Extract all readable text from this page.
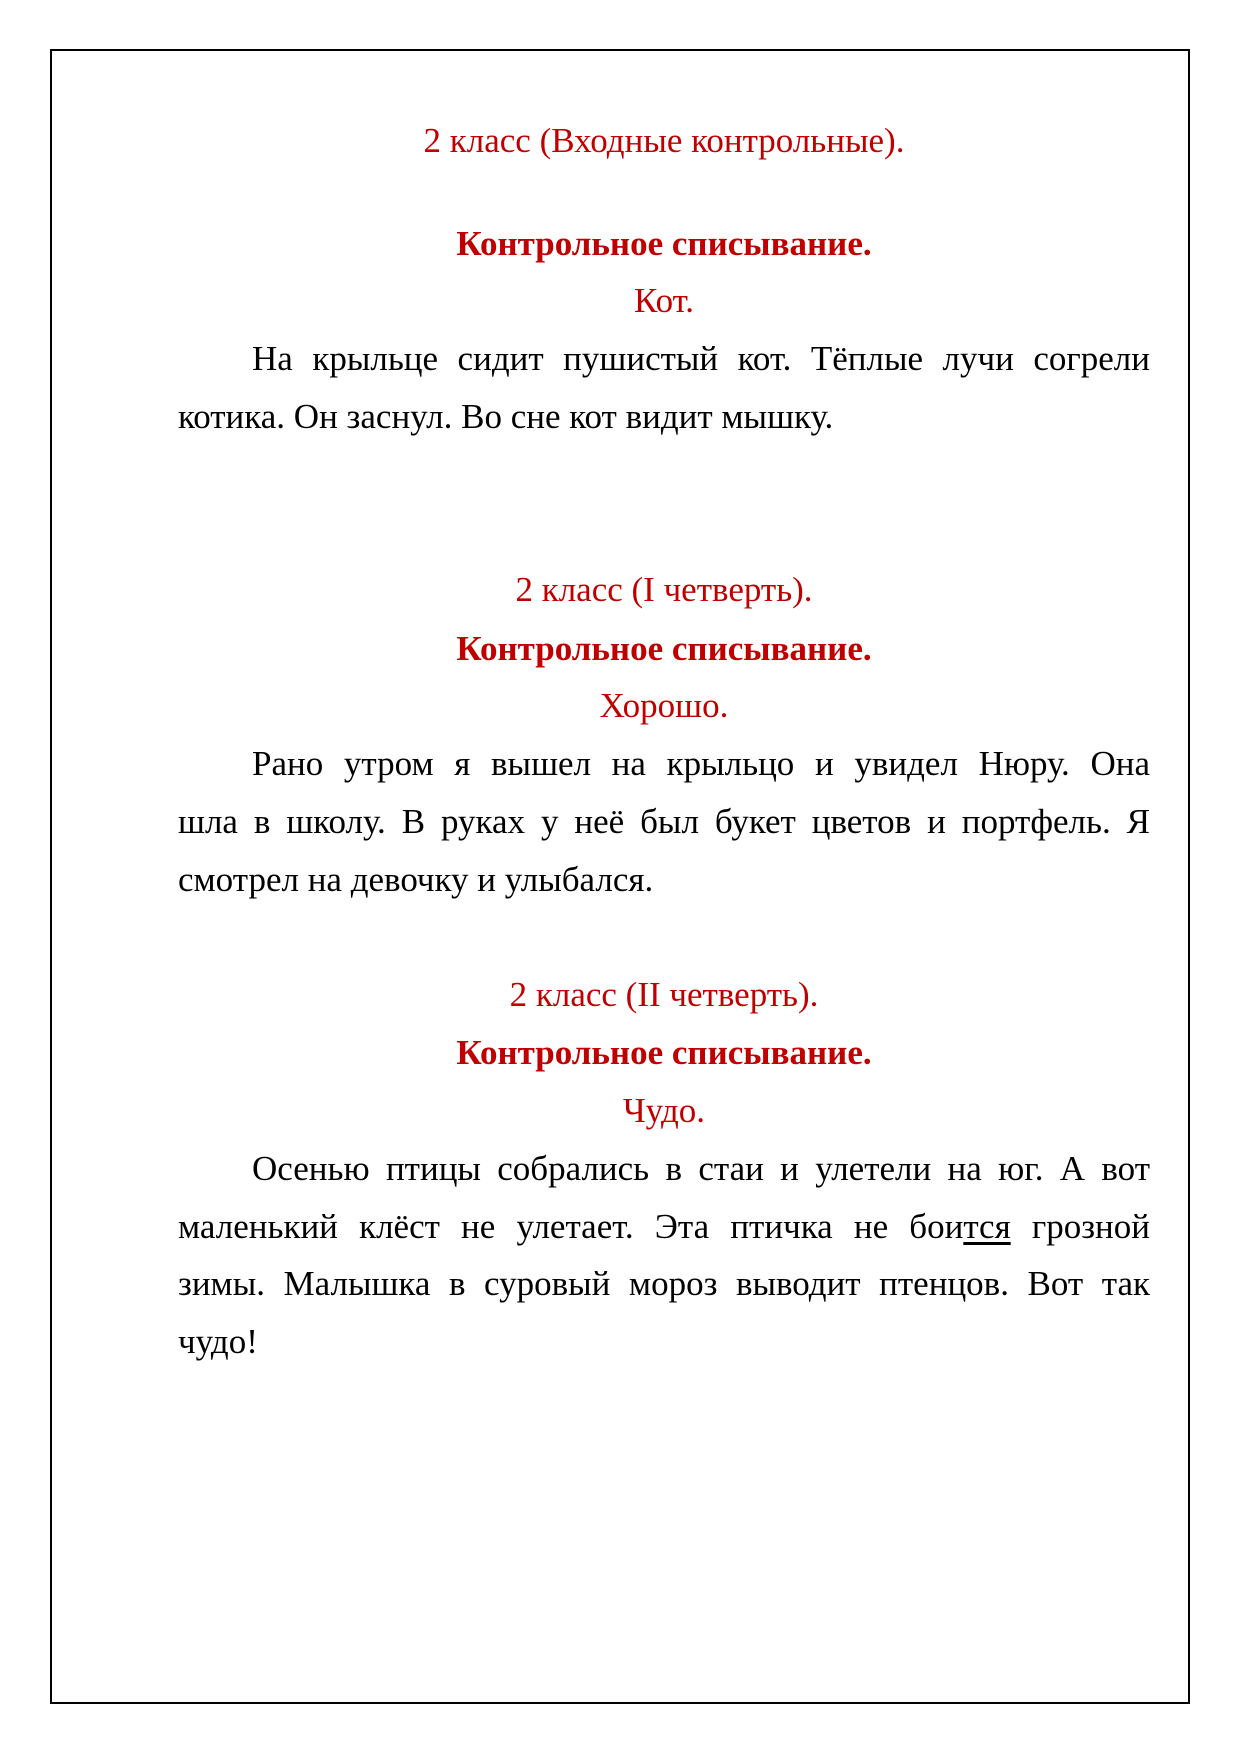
2 класс (Входные контрольные).
Контрольное списывание.
Кот.
На крыльце сидит пушистый кот. Тёплые лучи согрели
котика. Он заснул. Во сне кот видит мышку.
2 класс (I четверть).
Контрольное списывание.
Хорошо.
Рано утром я вышел на крыльцо и увидел Нюру. Она
шла в школу. В руках у неё был букет цветов и портфель. Я
смотрел на девочку и улыбался.
2 класс (II четверть).
Контрольное списывание.
Чудо.
Осенью птицы собрались в стаи и улетели на юг. А вот
маленький клёст не улетает. Эта птичка не боится грозной
зимы. Малышка в суровый мороз выводит птенцов. Вот так
чудо!
